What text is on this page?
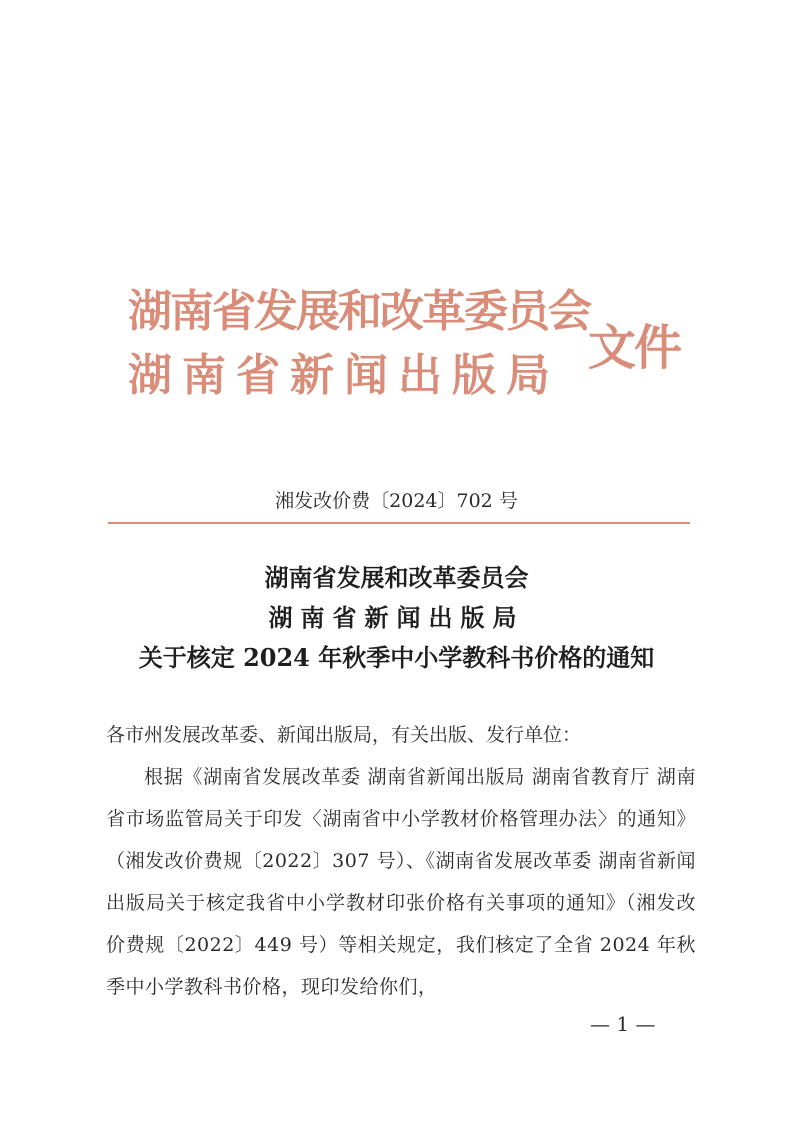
湖南省发展和改革委员会
湖南省新闻出版局 文件
湘发改价费〔2024〕702 号
湖南省发展和改革委员会
湖南省新闻出版局
关于核定 2024 年秋季中小学教科书价格的通知
各市州发展改革委、新闻出版局，有关出版、发行单位：
根据《湖南省发展改革委 湖南省新闻出版局 湖南省教育厅 湖南省市场监管局关于印发〈湖南省中小学教材价格管理办法〉的通知》（湘发改价费规〔2022〕307 号）、《湖南省发展改革委 湖南省新闻出版局关于核定我省中小学教材印张价格有关事项的通知》（湘发改价费规〔2022〕449 号）等相关规定，我们核定了全省 2024 年秋季中小学教科书价格，现印发给你们，
— 1 —
